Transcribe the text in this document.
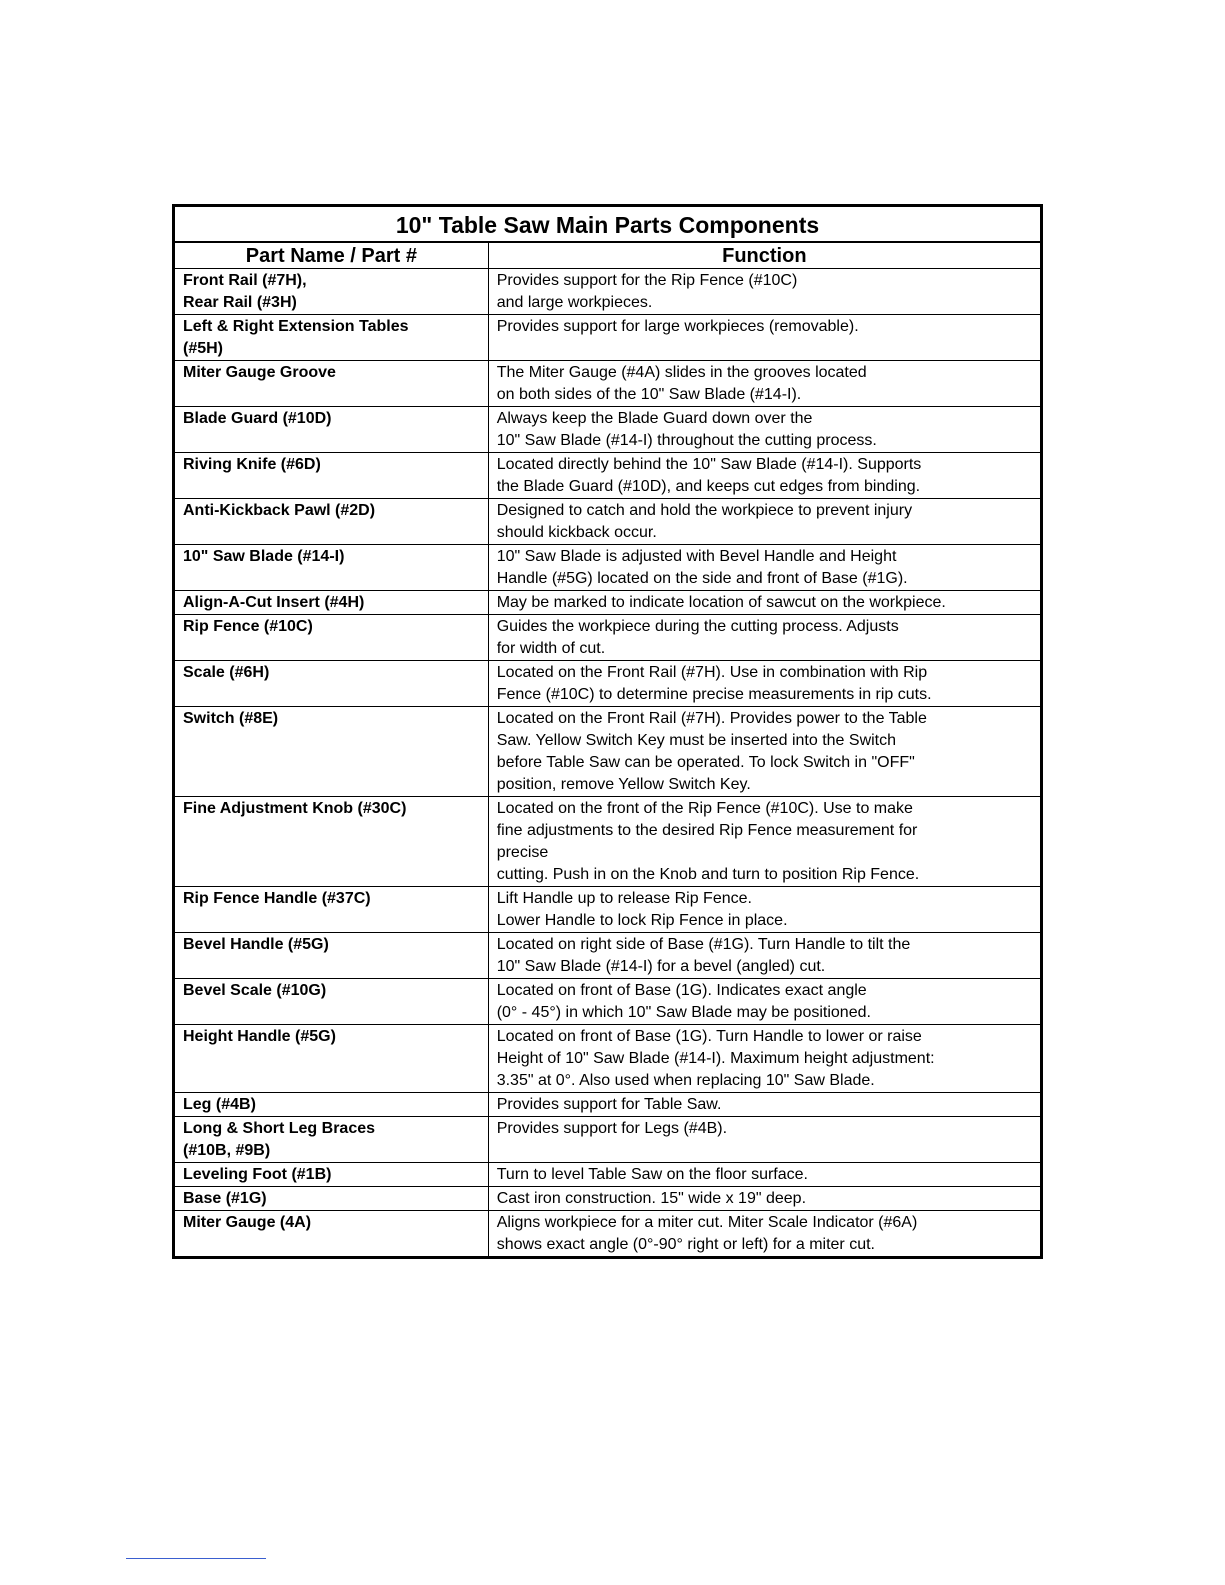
10" Table Saw Main Parts Components	
Part Name / Part #	Function
Front Rail (#7H),
Rear Rail (#3H)	Provides support for the Rip Fence (#10C)
and large workpieces.
Left & Right Extension Tables
(#5H)	Provides support for large workpieces (removable).
Miter Gauge Groove	The Miter Gauge (#4A) slides in the grooves located
on both sides of the 10" Saw Blade (#14-I).
Blade Guard (#10D)	Always keep the Blade Guard down over the
10" Saw Blade (#14-I) throughout the cutting process.
Riving Knife (#6D)	Located directly behind the 10" Saw Blade (#14-I). Supports
the Blade Guard (#10D), and keeps cut edges from binding.
Anti-Kickback Pawl (#2D)	Designed to catch and hold the workpiece to prevent injury
should kickback occur.
10" Saw Blade (#14-I)	10" Saw Blade is adjusted with Bevel Handle and Height
Handle (#5G) located on the side and front of Base (#1G).
Align-A-Cut Insert (#4H)	May be marked to indicate location of sawcut on the workpiece.
Rip Fence (#10C)	Guides the workpiece during the cutting process. Adjusts
for width of cut.
Scale (#6H)	Located on the Front Rail (#7H). Use in combination with Rip
Fence (#10C) to determine precise measurements in rip cuts.
Switch (#8E)	Located on the Front Rail (#7H). Provides power to the Table
Saw. Yellow Switch Key must be inserted into the Switch
before Table Saw can be operated. To lock Switch in "OFF"
position, remove Yellow Switch Key.
Fine Adjustment Knob (#30C)	Located on the front of the Rip Fence (#10C). Use to make
fine adjustments to the desired Rip Fence measurement for
precise
cutting. Push in on the Knob and turn to position Rip Fence.
Rip Fence Handle (#37C)	Lift Handle up to release Rip Fence.
Lower Handle to lock Rip Fence in place.
Bevel Handle (#5G)	Located on right side of Base (#1G). Turn Handle to tilt the
10" Saw Blade (#14-I) for a bevel (angled) cut.
Bevel Scale (#10G)	Located on front of Base (1G). Indicates exact angle
(0° - 45°) in which 10" Saw Blade may be positioned.
Height Handle (#5G)	Located on front of Base (1G). Turn Handle to lower or raise
Height of 10" Saw Blade (#14-I). Maximum height adjustment:
3.35" at 0°. Also used when replacing 10" Saw Blade.
Leg (#4B)	Provides support for Table Saw.
Long & Short Leg Braces
(#10B, #9B)	Provides support for Legs (#4B).
Leveling Foot (#1B)	Turn to level Table Saw on the floor surface.
Base (#1G)	Cast iron construction. 15" wide x 19" deep.
Miter Gauge (4A)	Aligns workpiece for a miter cut. Miter Scale Indicator (#6A)
shows exact angle (0°-90° right or left) for a miter cut.
